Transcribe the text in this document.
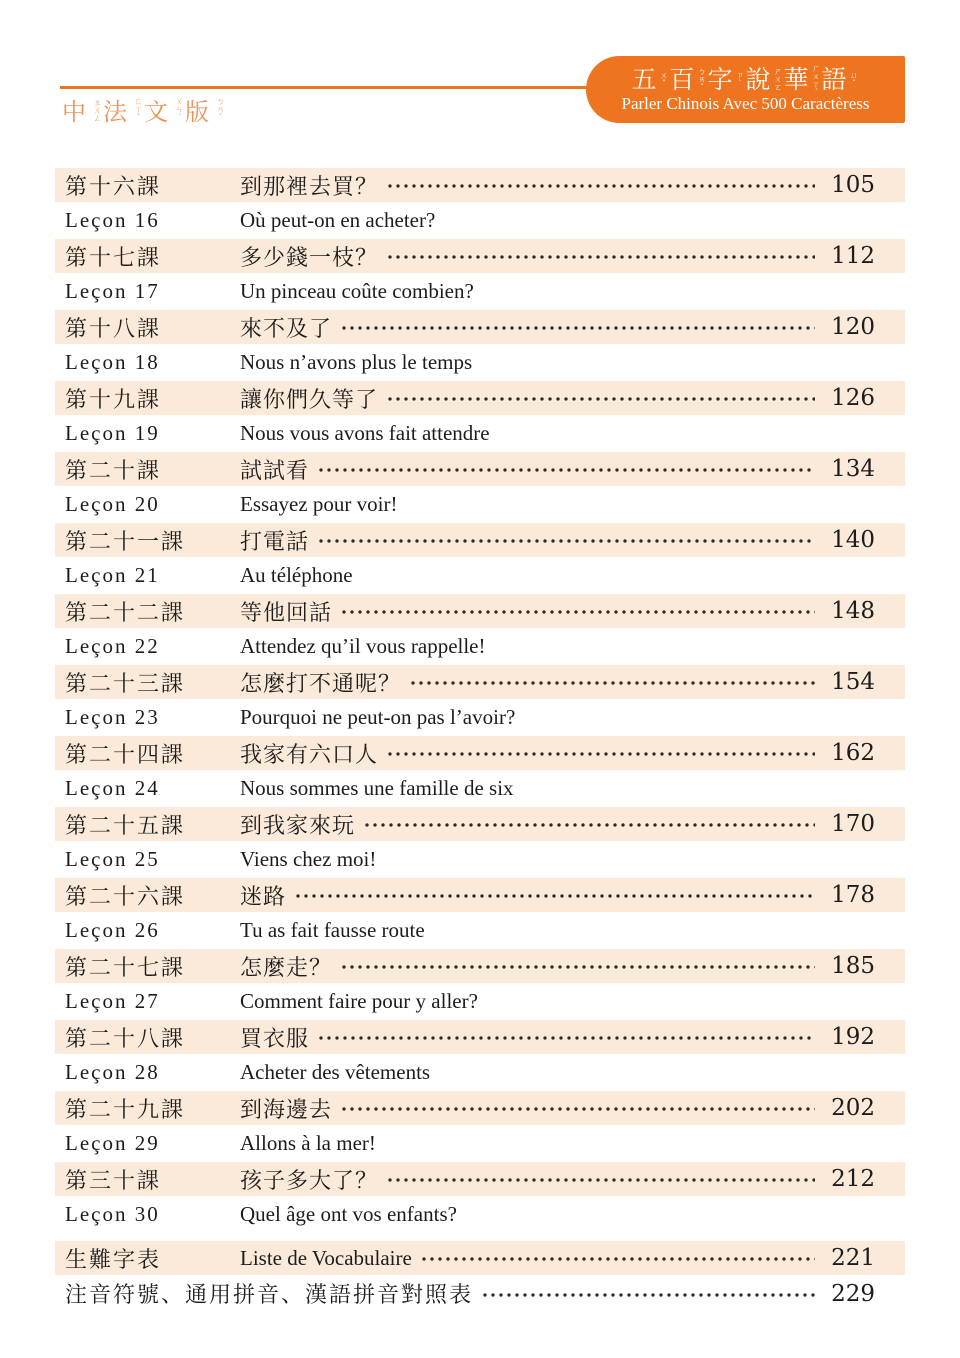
中 ㄓㄨㄥ 法 ㄈㄚˇ 文 ㄨㄣˊ 版 ㄅㄢˇ
五 ㄨˇ 百 ㄅㄞˇ 字 ㄗˋ 說 ㄕㄨㄛ 華 ㄏㄨㄚˊ 語 ㄩˇ
Parler Chinois Avec 500 Caractèress
第十六課	到那裡去買？	105
Leçon 16	Où peut-on en acheter?
第十七課	多少錢一枝？	112
Leçon 17	Un pinceau coûte combien?
第十八課	來不及了	120
Leçon 18	Nous n’avons plus le temps
第十九課	讓你們久等了	126
Leçon 19	Nous vous avons fait attendre
第二十課	試試看	134
Leçon 20	Essayez pour voir!
第二十一課	打電話	140
Leçon 21	Au téléphone
第二十二課	等他回話	148
Leçon 22	Attendez qu’il vous rappelle!
第二十三課	怎麼打不通呢？	154
Leçon 23	Pourquoi ne peut-on pas l’avoir?
第二十四課	我家有六口人	162
Leçon 24	Nous sommes une famille de six
第二十五課	到我家來玩	170
Leçon 25	Viens chez moi!
第二十六課	迷路	178
Leçon 26	Tu as fait fausse route
第二十七課	怎麼走？	185
Leçon 27	Comment faire pour y aller?
第二十八課	買衣服	192
Leçon 28	Acheter des vêtements
第二十九課	到海邊去	202
Leçon 29	Allons à la mer!
第三十課	孩子多大了？	212
Leçon 30	Quel âge ont vos enfants?
生難字表	Liste de Vocabulaire	221
注音符號、通用拼音、漢語拼音對照表	229
